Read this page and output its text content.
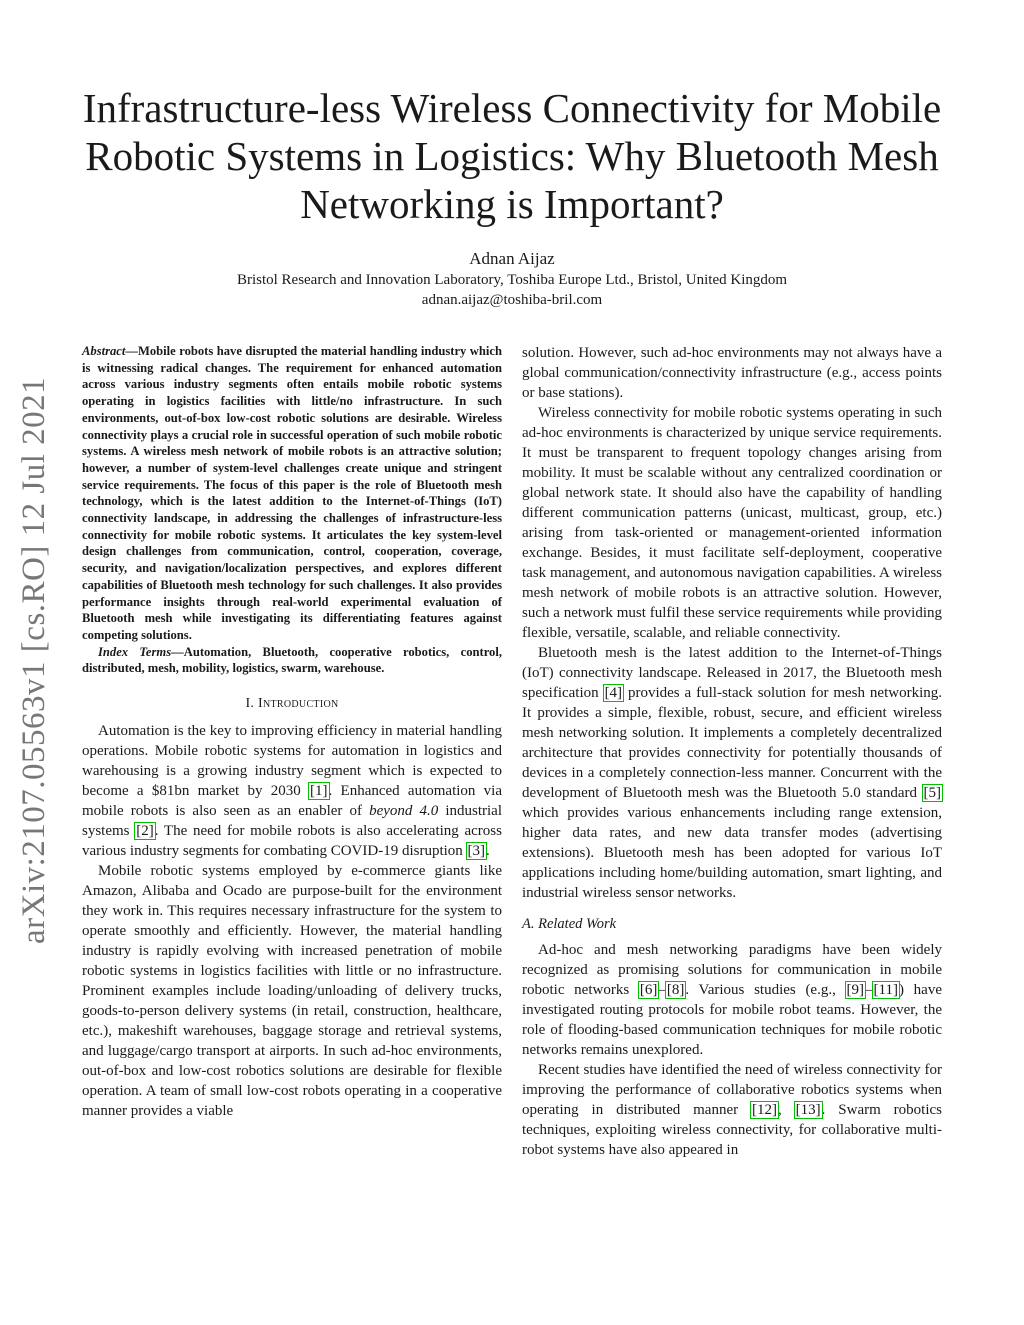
arXiv:2107.05563v1 [cs.RO] 12 Jul 2021
Infrastructure-less Wireless Connectivity for Mobile Robotic Systems in Logistics: Why Bluetooth Mesh Networking is Important?
Adnan Aijaz
Bristol Research and Innovation Laboratory, Toshiba Europe Ltd., Bristol, United Kingdom
adnan.aijaz@toshiba-bril.com

Abstract—Mobile robots have disrupted the material handling industry which is witnessing radical changes. The requirement for enhanced automation across various industry segments often entails mobile robotic systems operating in logistics facilities with little/no infrastructure. In such environments, out-of-box low-cost robotic solutions are desirable. Wireless connectivity plays a crucial role in successful operation of such mobile robotic systems. A wireless mesh network of mobile robots is an attractive solution; however, a number of system-level challenges create unique and stringent service requirements. The focus of this paper is the role of Bluetooth mesh technology, which is the latest addition to the Internet-of-Things (IoT) connectivity landscape, in addressing the challenges of infrastructure-less connectivity for mobile robotic systems. It articulates the key system-level design challenges from communication, control, cooperation, coverage, security, and navigation/localization perspectives, and explores different capabilities of Bluetooth mesh technology for such challenges. It also provides performance insights through real-world experimental evaluation of Bluetooth mesh while investigating its differentiating features against competing solutions.

Index Terms—Automation, Bluetooth, cooperative robotics, control, distributed, mesh, mobility, logistics, swarm, warehouse.

I. Introduction

Automation is the key to improving efficiency in material handling operations. Mobile robotic systems for automation in logistics and warehousing is a growing industry segment which is expected to become a $81bn market by 2030 [1]. Enhanced automation via mobile robots is also seen as an enabler of beyond 4.0 industrial systems [2]. The need for mobile robots is also accelerating across various industry segments for combating COVID-19 disruption [3].

Mobile robotic systems employed by e-commerce giants like Amazon, Alibaba and Ocado are purpose-built for the environment they work in. This requires necessary infrastructure for the system to operate smoothly and efficiently. However, the material handling industry is rapidly evolving with increased penetration of mobile robotic systems in logistics facilities with little or no infrastructure. Prominent examples include loading/unloading of delivery trucks, goods-to-person delivery systems (in retail, construction, healthcare, etc.), makeshift warehouses, baggage storage and retrieval systems, and luggage/cargo transport at airports. In such ad-hoc environments, out-of-box and low-cost robotics solutions are desirable for flexible operation. A team of small low-cost robots operating in a cooperative manner provides a viable

solution. However, such ad-hoc environments may not always have a global communication/connectivity infrastructure (e.g., access points or base stations).

Wireless connectivity for mobile robotic systems operating in such ad-hoc environments is characterized by unique service requirements. It must be transparent to frequent topology changes arising from mobility. It must be scalable without any centralized coordination or global network state. It should also have the capability of handling different communication patterns (unicast, multicast, group, etc.) arising from task-oriented or management-oriented information exchange. Besides, it must facilitate self-deployment, cooperative task management, and autonomous navigation capabilities. A wireless mesh network of mobile robots is an attractive solution. However, such a network must fulfil these service requirements while providing flexible, versatile, scalable, and reliable connectivity.

Bluetooth mesh is the latest addition to the Internet-of-Things (IoT) connectivity landscape. Released in 2017, the Bluetooth mesh specification [4] provides a full-stack solution for mesh networking. It provides a simple, flexible, robust, secure, and efficient wireless mesh networking solution. It implements a completely decentralized architecture that provides connectivity for potentially thousands of devices in a completely connection-less manner. Concurrent with the development of Bluetooth mesh was the Bluetooth 5.0 standard [5] which provides various enhancements including range extension, higher data rates, and new data transfer modes (advertising extensions). Bluetooth mesh has been adopted for various IoT applications including home/building automation, smart lighting, and industrial wireless sensor networks.

A. Related Work

Ad-hoc and mesh networking paradigms have been widely recognized as promising solutions for communication in mobile robotic networks [6]–[8]. Various studies (e.g., [9]–[11]) have investigated routing protocols for mobile robot teams. However, the role of flooding-based communication techniques for mobile robotic networks remains unexplored.

Recent studies have identified the need of wireless connectivity for improving the performance of collaborative robotics systems when operating in distributed manner [12], [13]. Swarm robotics techniques, exploiting wireless connectivity, for collaborative multi-robot systems have also appeared in
